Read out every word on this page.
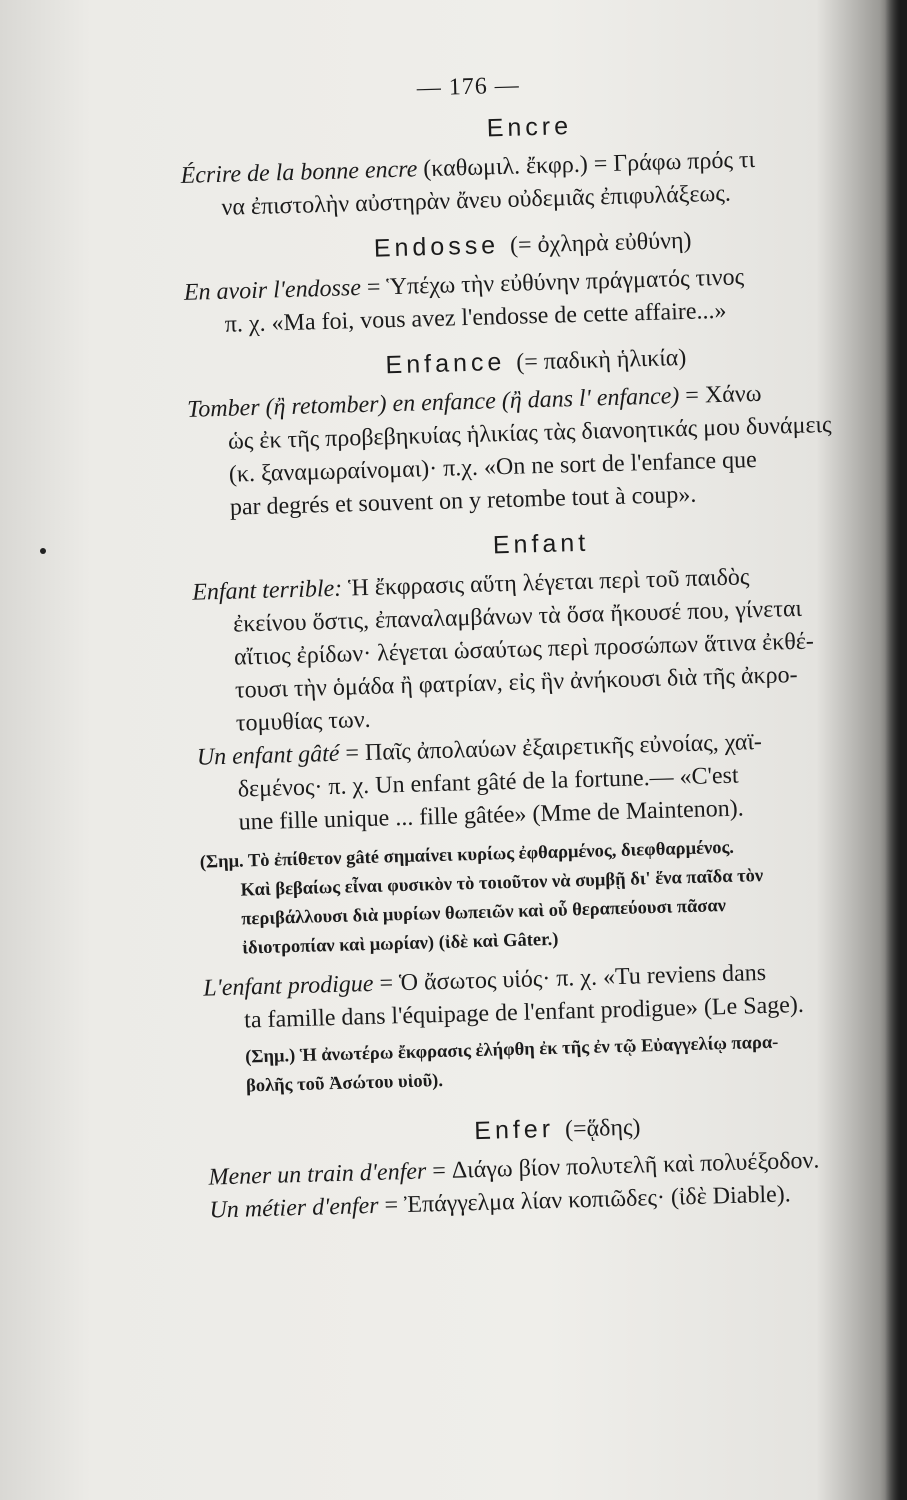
— 176 —
Encre
Écrire de la bonne encre (καθωμιλ. ἔκφρ.) = Γράφω πρός τι
να ἐπιστολὴν αὐστηρὰν ἄνευ οὐδεμιᾶς ἐπιφυλάξεως.
Endosse (= ὀχληρὰ εὐθύνη)
En avoir l'endosse = Ὑπέχω τὴν εὐθύνην πράγματός τινος
π. χ. «Ma foi, vous avez l'endosse de cette affaire...»
Enfance (= παδικὴ ἡλικία)
Tomber (ἢ retomber) en enfance (ἢ dans l' enfance) = Χάνω
ὡς ἐκ τῆς προβεβηκυίας ἡλικίας τὰς διανοητικάς μου δυνάμεις
(κ. ξαναμωραίνομαι)· π.χ. «On ne sort de l'enfance que
par degrés et souvent on y retombe tout à coup».
Enfant
Enfant terrible: Ἡ ἔκφρασις αὕτη λέγεται περὶ τοῦ παιδὸς
ἐκείνου ὅστις, ἐπαναλαμβάνων τὰ ὅσα ἤκουσέ που, γίνεται
αἴτιος ἐρίδων· λέγεται ὡσαύτως περὶ προσώπων ἅτινα ἐκθέ-
τουσι τὴν ὁμάδα ἢ φατρίαν, εἰς ἣν ἀνήκουσι διὰ τῆς ἀκρο-
τομυθίας των.
Un enfant gâté = Παῖς ἀπολαύων ἐξαιρετικῆς εὐνοίας, χαϊ-
δεμένος· π. χ. Un enfant gâté de la fortune.— «C'est
une fille unique ... fille gâtée» (Mme de Maintenon).
(Σημ. Τὸ ἐπίθετον gâté σημαίνει κυρίως ἐφθαρμένος, διεφθαρμένος.
Καὶ βεβαίως εἶναι φυσικὸν τὸ τοιοῦτον νὰ συμβῇ δι' ἕνα παῖδα τὸν
περιβάλλουσι διὰ μυρίων θωπειῶν καὶ οὗ θεραπεύουσι πᾶσαν
ἰδιοτροπίαν καὶ μωρίαν) (ἰδὲ καὶ Gâter.)
L'enfant prodigue = Ὁ ἄσωτος υἱός· π. χ. «Tu reviens dans
ta famille dans l'équipage de l'enfant prodigue» (Le Sage).
(Σημ.) Ἡ ἀνωτέρω ἔκφρασις ἐλήφθη ἐκ τῆς ἐν τῷ Εὐαγγελίῳ παρα-
βολῆς τοῦ Ἀσώτου υἱοῦ).
Enfer (=ᾅδης)
Mener un train d'enfer = Διάγω βίον πολυτελῆ καὶ πολυέξοδον.
Un métier d'enfer = Ἐπάγγελμα λίαν κοπιῶδες· (ἰδὲ Diable).
